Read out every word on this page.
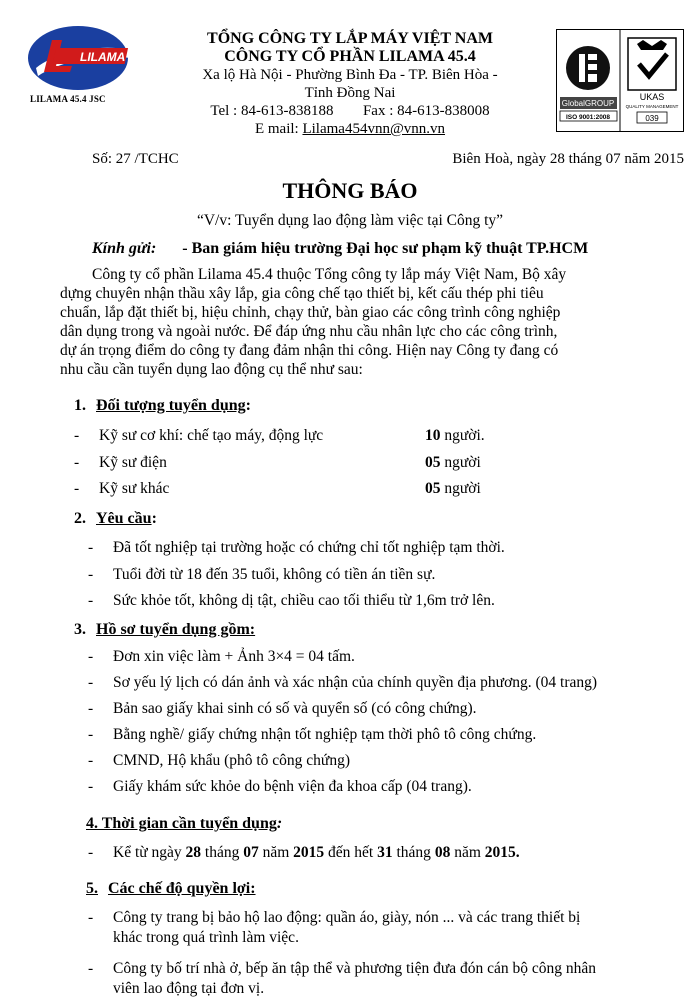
LILAMA
LILAMA 45.4 JSC
TỔNG CÔNG TY LẮP MÁY VIỆT NAM
CÔNG TY CỔ PHẦN LILAMA 45.4
Xa lộ Hà Nội - Phường Bình Đa - TP. Biên Hòa -
Tỉnh Đồng Nai
Tel : 84-613-838188 Fax : 84-613-838008
E mail: Lilama454vnn@vnn.vn
GlobalGROUP
ISO 9001:2008
UKAS
QUALITY MANAGEMENT
039
Số: 27 /TCHC	Biên Hoà, ngày 28 tháng 07 năm 2015
THÔNG BÁO
“V/v: Tuyển dụng lao động làm việc tại Công ty”
Kính gửi: - Ban giám hiệu trường Đại học sư phạm kỹ thuật TP.HCM
Công ty cổ phần Lilama 45.4 thuộc Tổng công ty lắp máy Việt Nam, Bộ xây
dựng chuyên nhận thầu xây lắp, gia công chế tạo thiết bị, kết cấu thép phi tiêu
chuẩn, lắp đặt thiết bị, hiệu chỉnh, chạy thử, bàn giao các công trình công nghiệp
dân dụng trong và ngoài nước. Để đáp ứng nhu cầu nhân lực cho các công trình,
dự án trọng điểm do công ty đang đảm nhận thi công. Hiện nay Công ty đang có
nhu cầu cần tuyển dụng lao động cụ thể như sau:
1. Đối tượng tuyển dụng:
- Kỹ sư cơ khí: chế tạo máy, động lực	10 người.
- Kỹ sư điện	05 người
- Kỹ sư khác	05 người
2. Yêu cầu:
- Đã tốt nghiệp tại trường hoặc có chứng chỉ tốt nghiệp tạm thời.
- Tuổi đời từ 18 đến 35 tuổi, không có tiền án tiền sự.
- Sức khỏe tốt, không dị tật, chiều cao tối thiểu từ 1,6m trở lên.
3. Hồ sơ tuyển dụng gồm:
- Đơn xin việc làm + Ảnh 3×4 = 04 tấm.
- Sơ yếu lý lịch có dán ảnh và xác nhận của chính quyền địa phương. (04 trang)
- Bản sao giấy khai sinh có số và quyển số (có công chứng).
- Bằng nghề/ giấy chứng nhận tốt nghiệp tạm thời phô tô công chứng.
- CMND, Hộ khẩu (phô tô công chứng)
- Giấy khám sức khỏe do bệnh viện đa khoa cấp (04 trang).
4. Thời gian cần tuyển dụng:
- Kể từ ngày 28 tháng 07 năm 2015 đến hết 31 tháng 08 năm 2015.
5. Các chế độ quyền lợi:
- Công ty trang bị bảo hộ lao động: quần áo, giày, nón ... và các trang thiết bị
khác trong quá trình làm việc.
- Công ty bố trí nhà ở, bếp ăn tập thể và phương tiện đưa đón cán bộ công nhân
viên lao động tại đơn vị.
